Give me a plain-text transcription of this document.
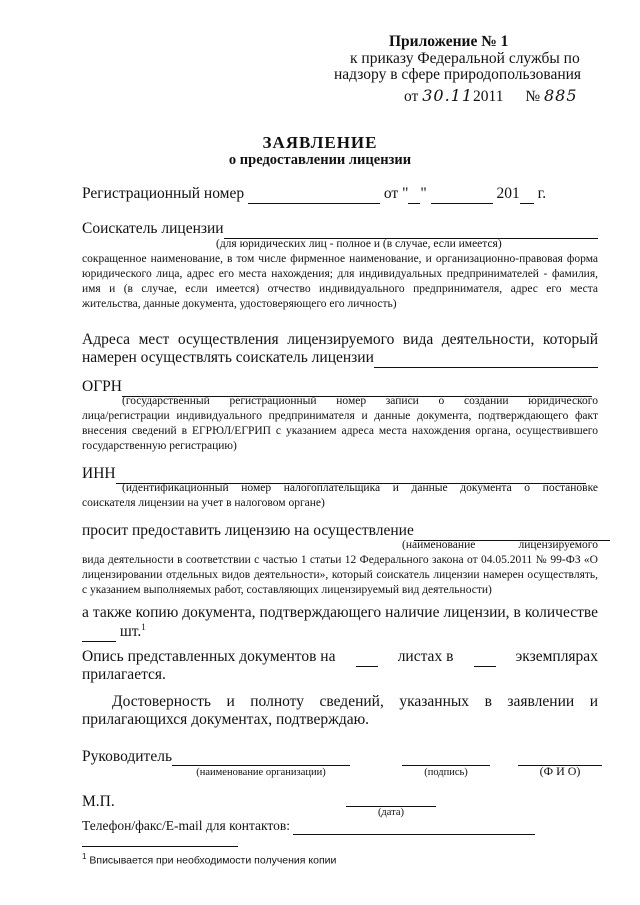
Приложение № 1
к приказу Федеральной службы по
надзору в сфере природопользования
от 30.112011 № 885
ЗАЯВЛЕНИЕ
о предоставлении лицензии
Регистрационный номер	от " "	201 г.
Соискатель лицензии
(для юридических лиц - полное и (в случае, если имеется)
сокращенное наименование, в том числе фирменное наименование, и организационно-правовая форма юридического лица, адрес его места нахождения; для индивидуальных предпринимателей - фамилия, имя и (в случае, если имеется) отчество индивидуального предпринимателя, адрес его места жительства, данные документа, удостоверяющего его личность)
Адреса мест осуществления лицензируемого вида деятельности, который
намерен осуществлять соискатель лицензии
ОГРН
(государственный регистрационный номер записи о создании юридического
лица/регистрации индивидуального предпринимателя и данные документа, подтверждающего факт внесения сведений в ЕГРЮЛ/ЕГРИП с указанием адреса места нахождения органа, осуществившего государственную регистрацию)
ИНН
(идентификационный номер налогоплательщика и данные документа о постановке
соискателя лицензии на учет в налоговом органе)
просит предоставить лицензию на осуществление
(наименование лицензируемого
вида деятельности в соответствии с частью 1 статьи 12 Федерального закона от 04.05.2011 № 99-ФЗ «О лицензировании отдельных видов деятельности», который соискатель лицензии намерен осуществлять, с указанием выполняемых работ, составляющих лицензируемый вид деятельности)
а также копию документа, подтверждающего наличие лицензии, в количестве
шт.$^1$
Опись представленных документов на
	листах в
	экземплярах
прилагается.
Достоверность и полноту сведений, указанных в заявлении и
прилагающихся документах, подтверждаю.
Руководитель
(наименование организации)	(подпись)	(Ф И О)
М.П.
(дата)
Телефон/факс/E-mail для контактов:
$^1$ Вписывается при необходимости получения копии
